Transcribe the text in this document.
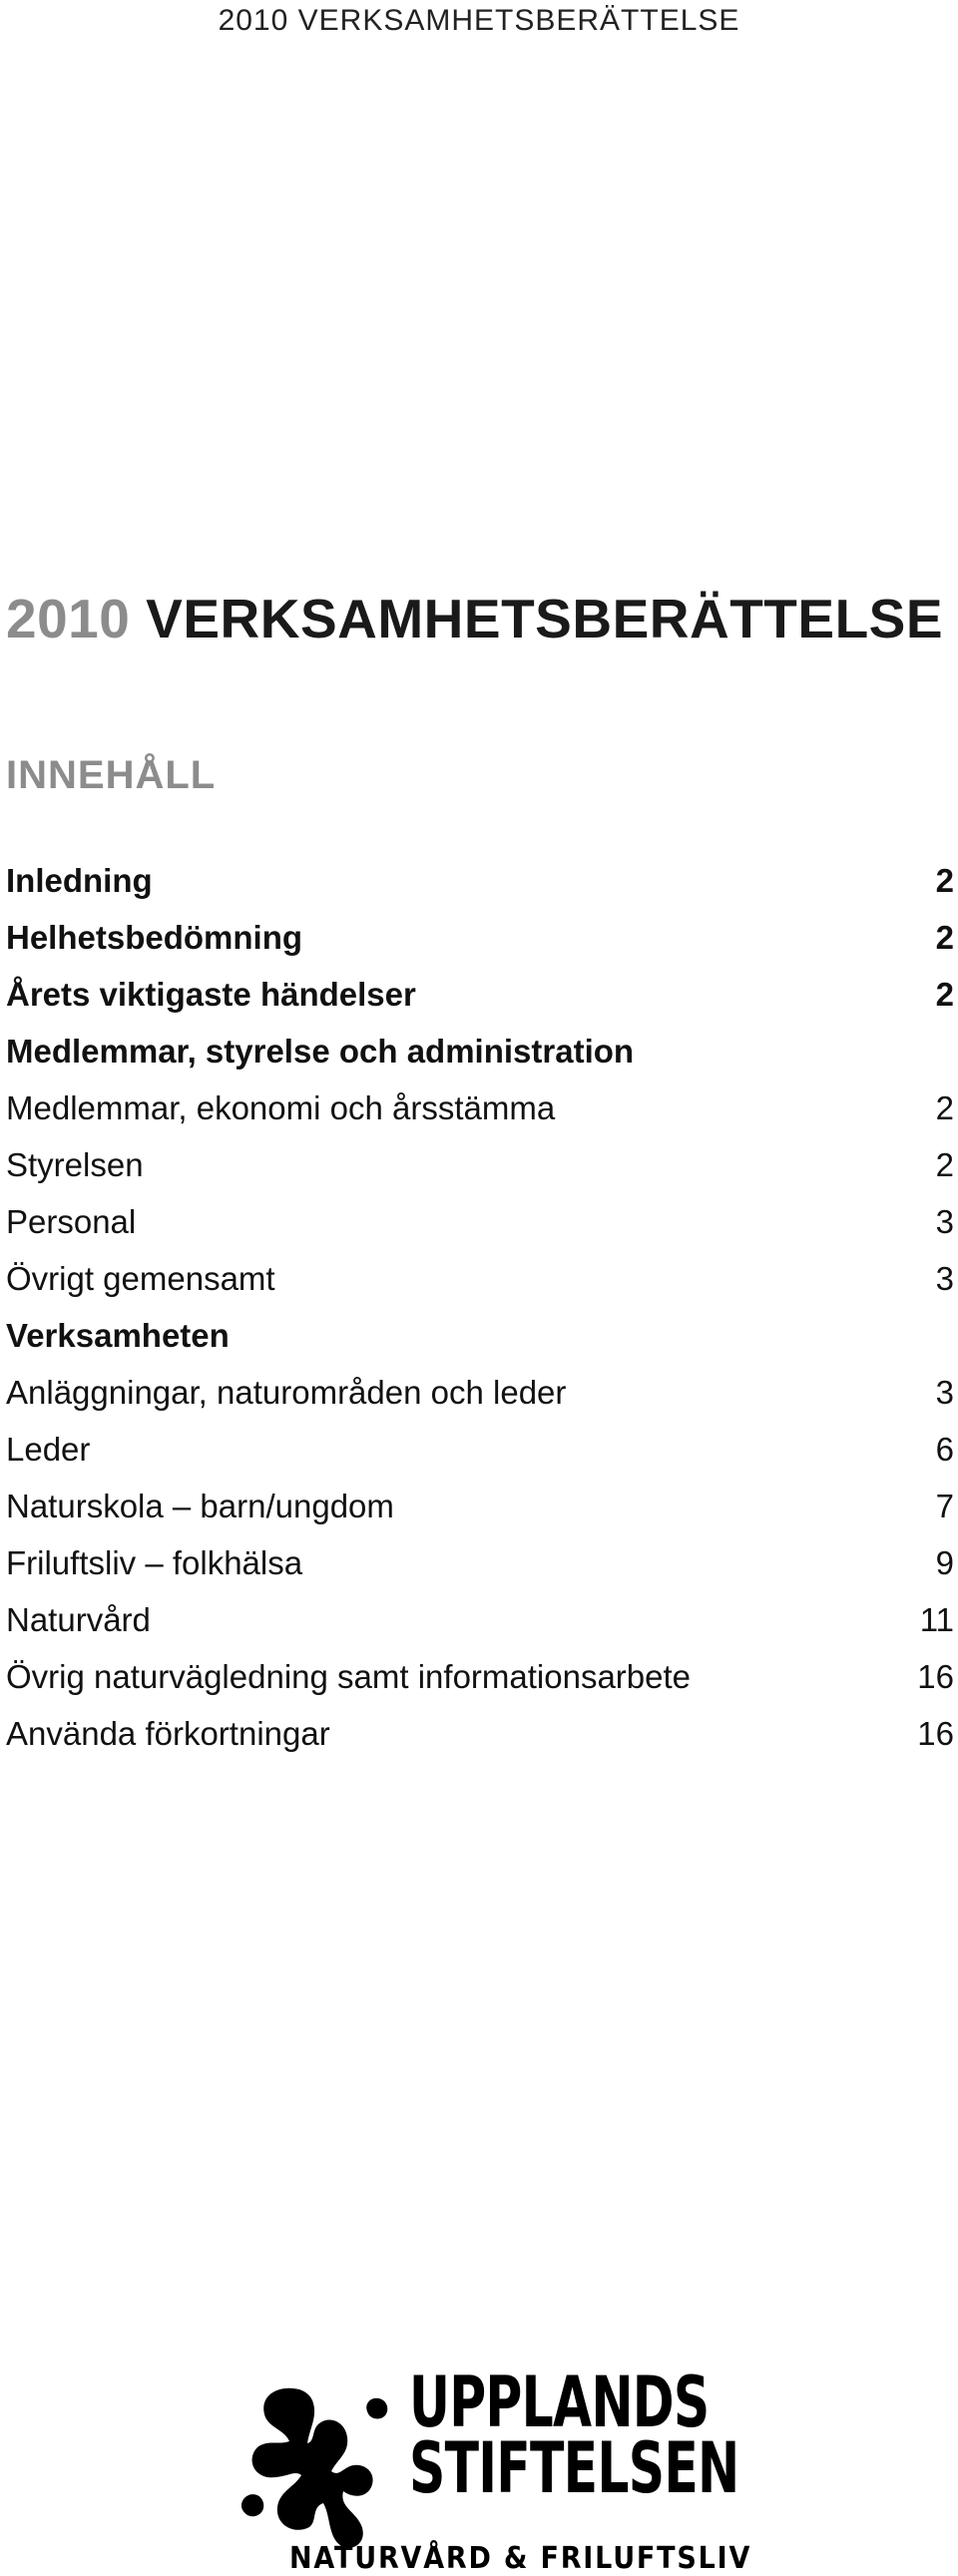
2010 VERKSAMHETSBERÄTTELSE
2010 VERKSAMHETSBERÄTTELSE
INNEHÅLL
Inledning	2
Helhetsbedömning	2
Årets viktigaste händelser	2
Medlemmar, styrelse och administration
Medlemmar, ekonomi och årsstämma	2
Styrelsen	2
Personal	3
Övrigt gemensamt	3
Verksamheten
Anläggningar, naturområden och leder	3
Leder	6
Naturskola – barn/ungdom	7
Friluftsliv – folkhälsa	9
Naturvård	11
Övrig naturvägledning samt informationsarbete	16
Använda förkortningar	16
UPPLANDS
STIFTELSEN
NATURVÅRD & FRILUFTSLIV
